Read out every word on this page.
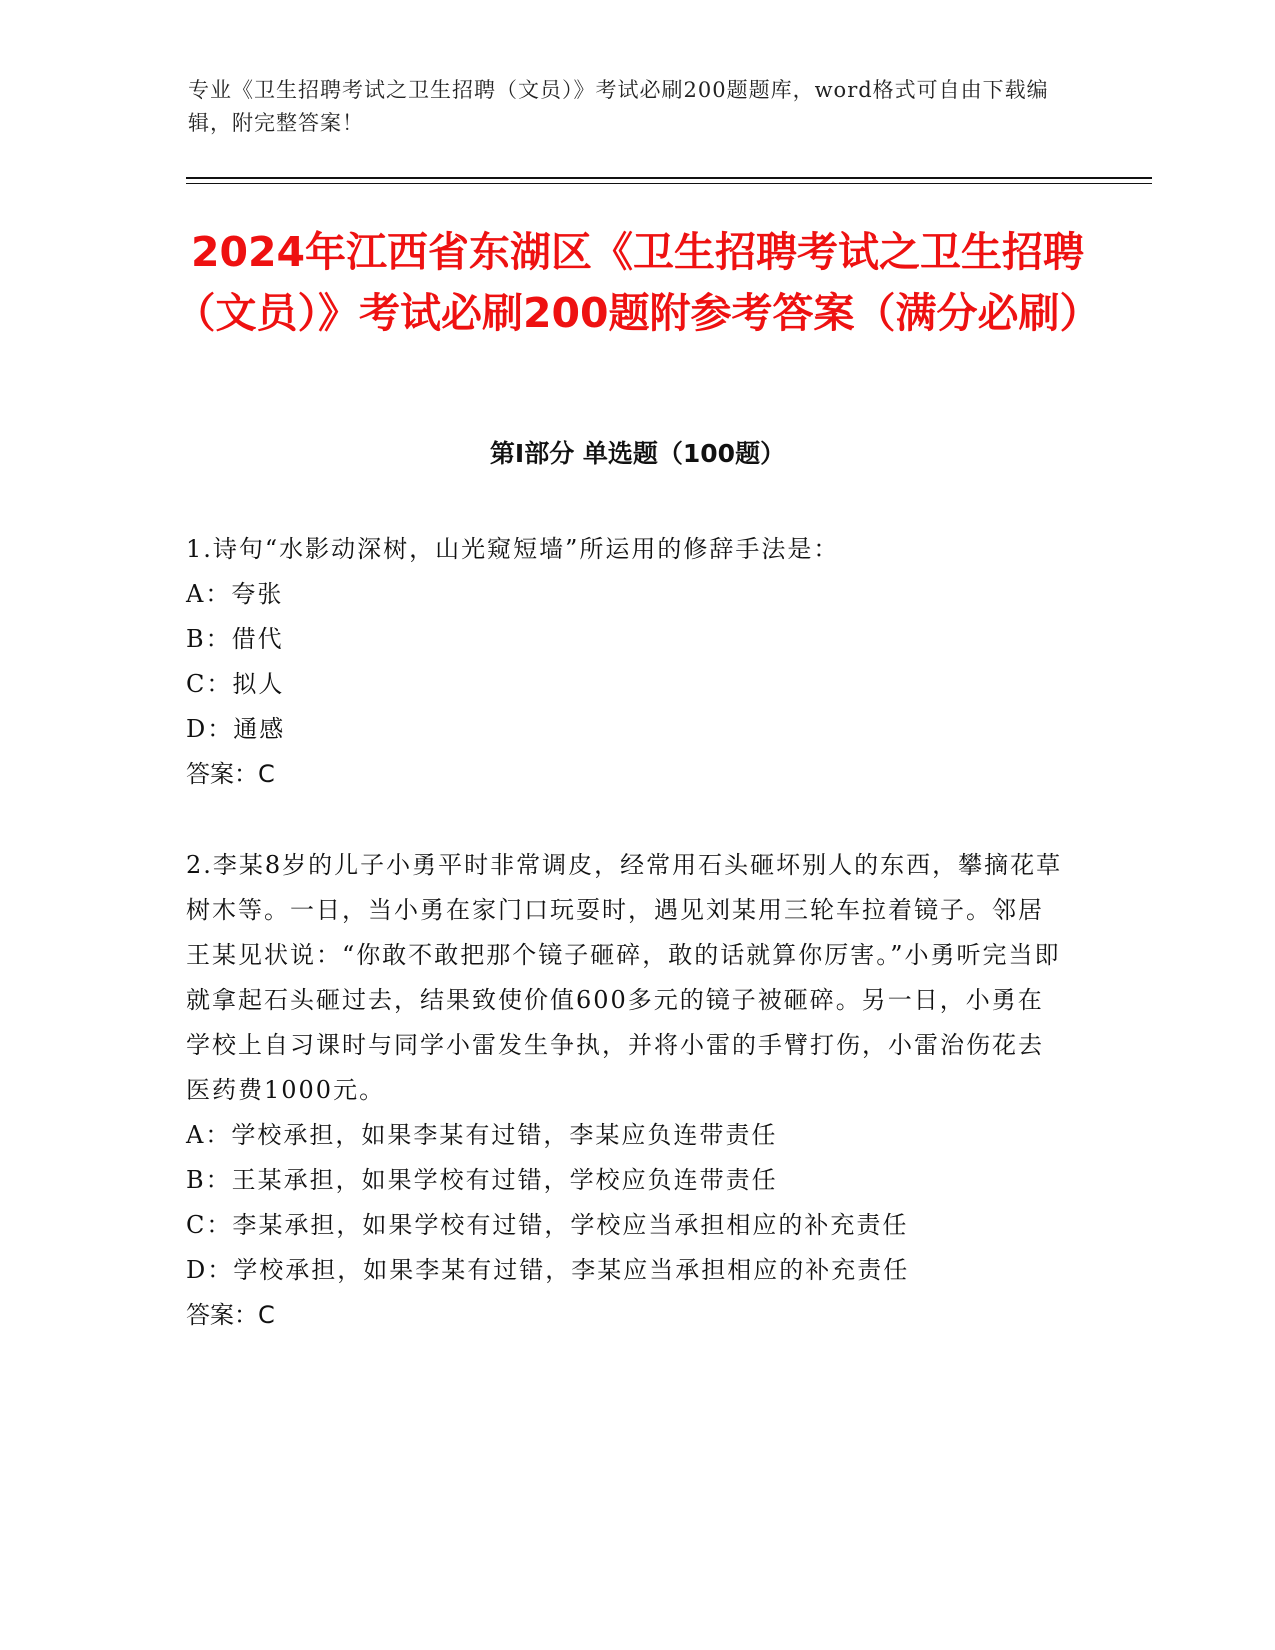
专业《卫生招聘考试之卫生招聘（文员）》考试必刷200题题库，word格式可自由下载编辑，附完整答案！
2024年江西省东湖区《卫生招聘考试之卫生招聘（文员）》考试必刷200题附参考答案（满分必刷）
第I部分 单选题（100题）

1.诗句“水影动深树，山光窥短墙”所运用的修辞手法是：

A：夸张

B：借代

C：拟人

D：通感

答案：C

2.李某8岁的儿子小勇平时非常调皮，经常用石头砸坏别人的东西，攀摘花草树木等。一日，当小勇在家门口玩耍时，遇见刘某用三轮车拉着镜子。邻居王某见状说：“你敢不敢把那个镜子砸碎，敢的话就算你厉害。”小勇听完当即就拿起石头砸过去，结果致使价值600多元的镜子被砸碎。另一日，小勇在学校上自习课时与同学小雷发生争执，并将小雷的手臂打伤，小雷治伤花去医药费1000元。

A：学校承担，如果李某有过错，李某应负连带责任

B：王某承担，如果学校有过错，学校应负连带责任

C：李某承担，如果学校有过错，学校应当承担相应的补充责任

D：学校承担，如果李某有过错，李某应当承担相应的补充责任

答案：C
